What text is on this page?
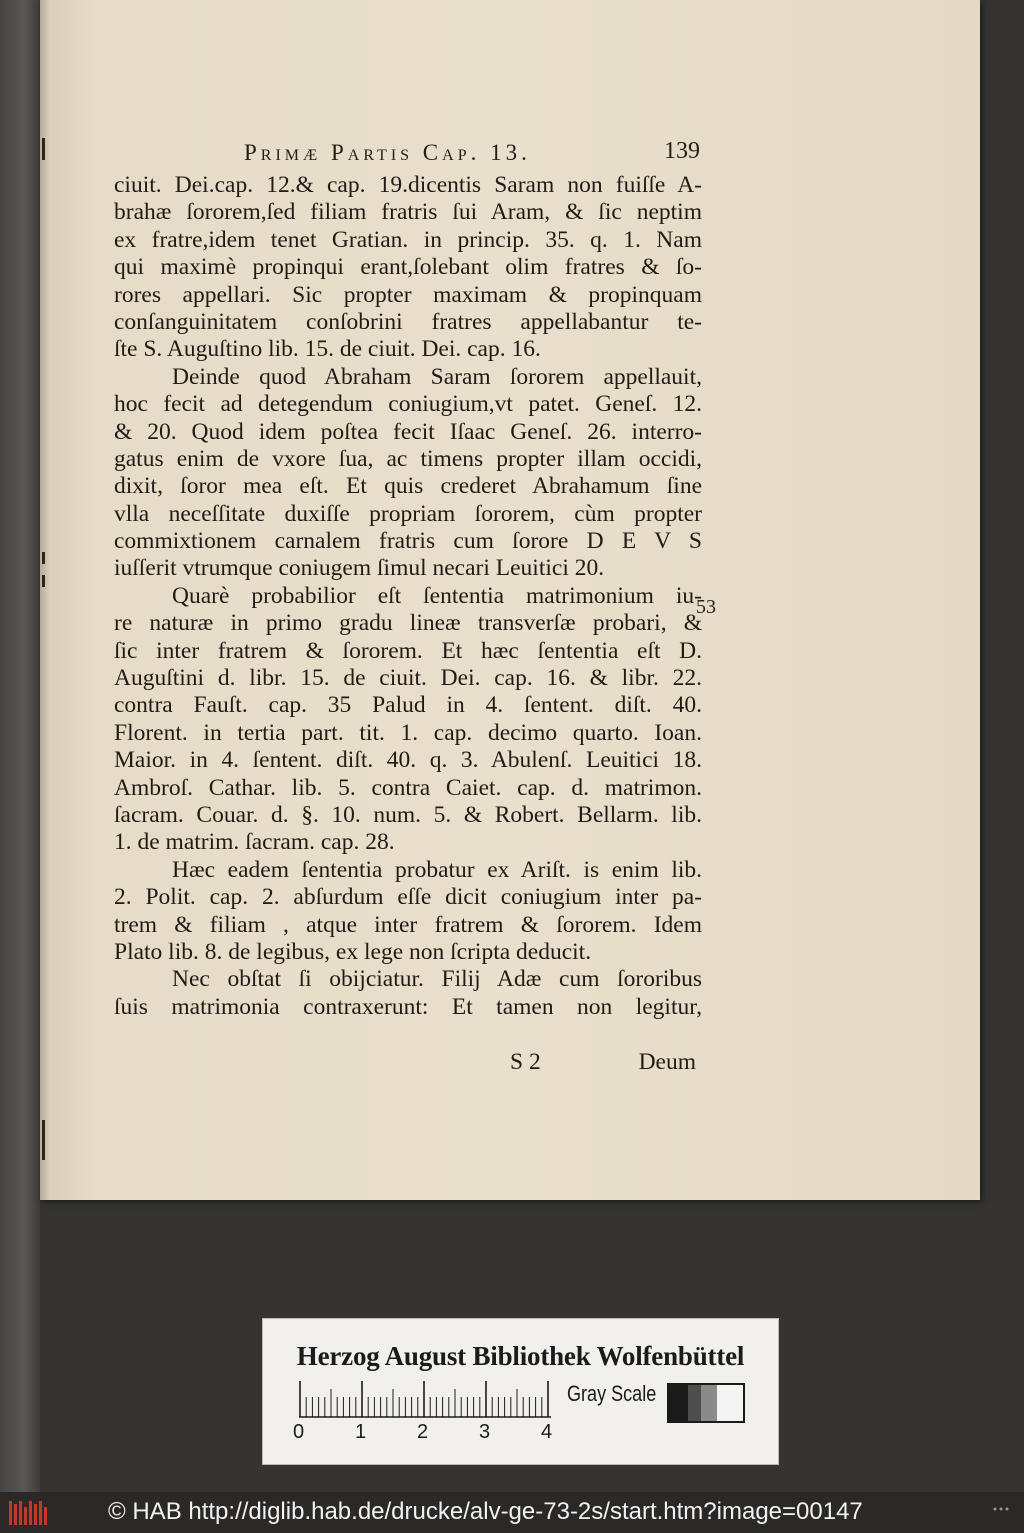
Primæ Partis Cap. 13.	139
ciuit. Dei.cap. 12.& cap. 19.dicentis Saram non fuiſſe A-
brahæ ſororem,ſed filiam fratris ſui Aram, & ſic neptim
ex fratre,idem tenet Gratian. in princip. 35. q. 1. Nam
qui maximè propinqui erant,ſolebant olim fratres & ſo-
rores appellari. Sic propter maximam & propinquam
conſanguinitatem conſobrini fratres appellabantur te-
ſte S. Auguſtino lib. 15. de ciuit. Dei. cap. 16.
Deinde quod Abraham Saram ſororem appellauit,
hoc fecit ad detegendum coniugium,vt patet. Geneſ. 12.
& 20. Quod idem poſtea fecit Iſaac Geneſ. 26. interro-
gatus enim de vxore ſua, ac timens propter illam occidi,
dixit, ſoror mea eſt. Et quis crederet Abrahamum ſine
vlla neceſſitate duxiſſe propriam ſororem, cùm propter
commixtionem carnalem fratris cum ſorore D E V S
iuſſerit vtrumque coniugem ſimul necari Leuitici 20.
Quarè probabilior eſt ſententia matrimonium iu-
re naturæ in primo gradu lineæ transverſæ probari, &
ſic inter fratrem & ſororem. Et hæc ſententia eſt D.
Auguſtini d. libr. 15. de ciuit. Dei. cap. 16. & libr. 22.
contra Fauſt. cap. 35 Palud in 4. ſentent. diſt. 40.
Florent. in tertia part. tit. 1. cap. decimo quarto. Ioan.
Maior. in 4. ſentent. diſt. 40. q. 3. Abulenſ. Leuitici 18.
Ambroſ. Cathar. lib. 5. contra Caiet. cap. d. matrimon.
ſacram. Couar. d. §. 10. num. 5. & Robert. Bellarm. lib.
1. de matrim. ſacram. cap. 28.
Hæc eadem ſententia probatur ex Ariſt. is enim lib.
2. Polit. cap. 2. abſurdum eſſe dicit coniugium inter pa-
trem & filiam , atque inter fratrem & ſororem. Idem
Plato lib. 8. de legibus, ex lege non ſcripta deducit.
Nec obſtat ſi obijciatur. Filij Adæ cum ſororibus
ſuis matrimonia contraxerunt: Et tamen non legitur,
53
S 2	Deum
Herzog August Bibliothek Wolfenbüttel
0	1	2	3	4
Gray Scale
© HAB http://diglib.hab.de/drucke/alv-ge-73-2s/start.htm?image=00147
